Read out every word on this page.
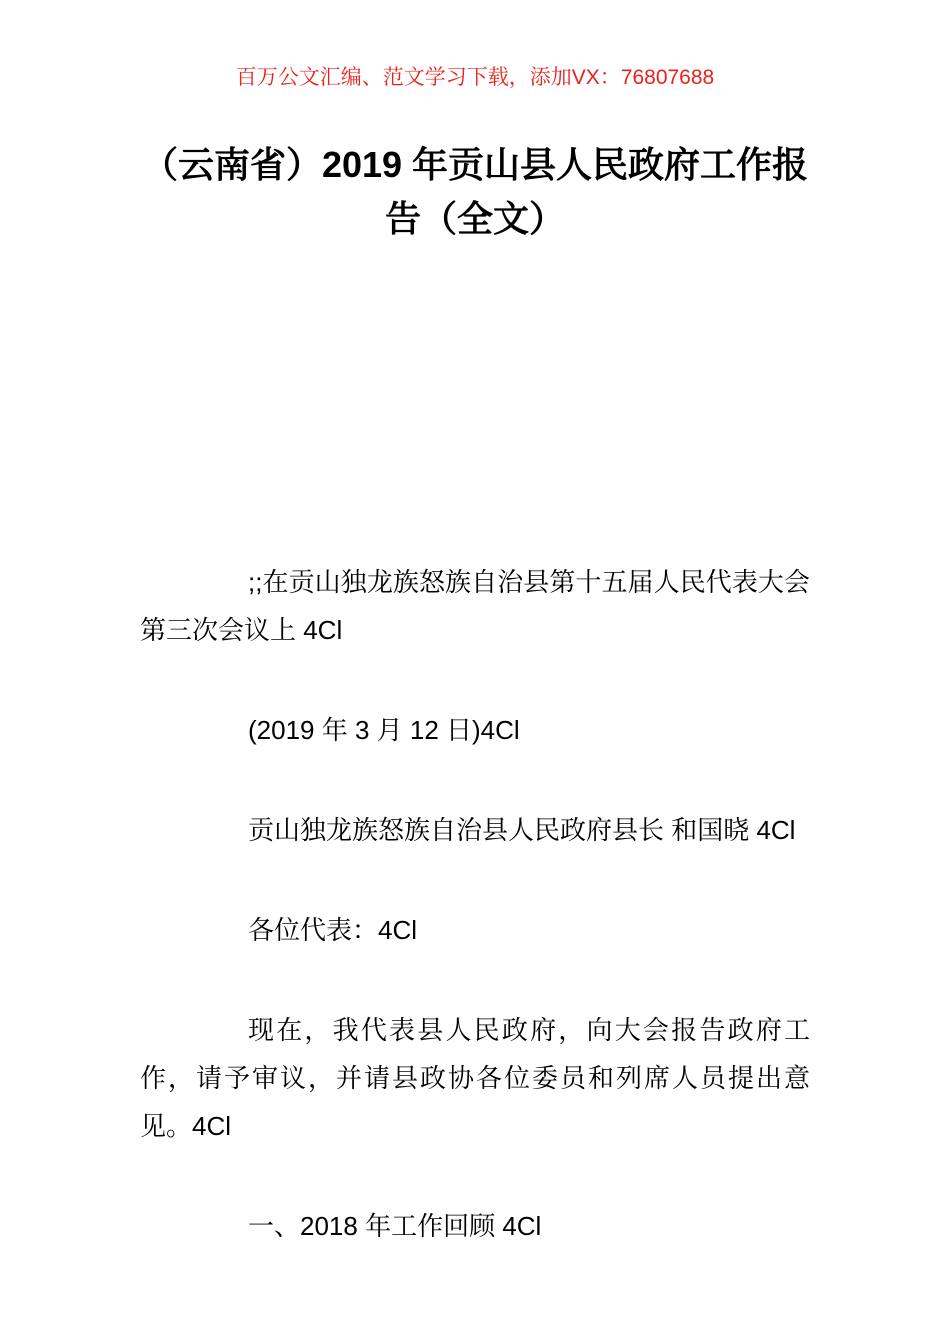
百万公文汇编、范文学习下载，添加VX：76807688
（云南省）2019 年贡山县人民政府工作报
告（全文）

;;在贡山独龙族怒族自治县第十五届人民代表大会第三次会议上 4Cl

(2019 年 3 月 12 日)4Cl

贡山独龙族怒族自治县人民政府县长 和国晓 4Cl

各位代表：4Cl

现在，我代表县人民政府，向大会报告政府工作，请予审议，并请县政协各位委员和列席人员提出意见。4Cl

一、2018 年工作回顾 4Cl
